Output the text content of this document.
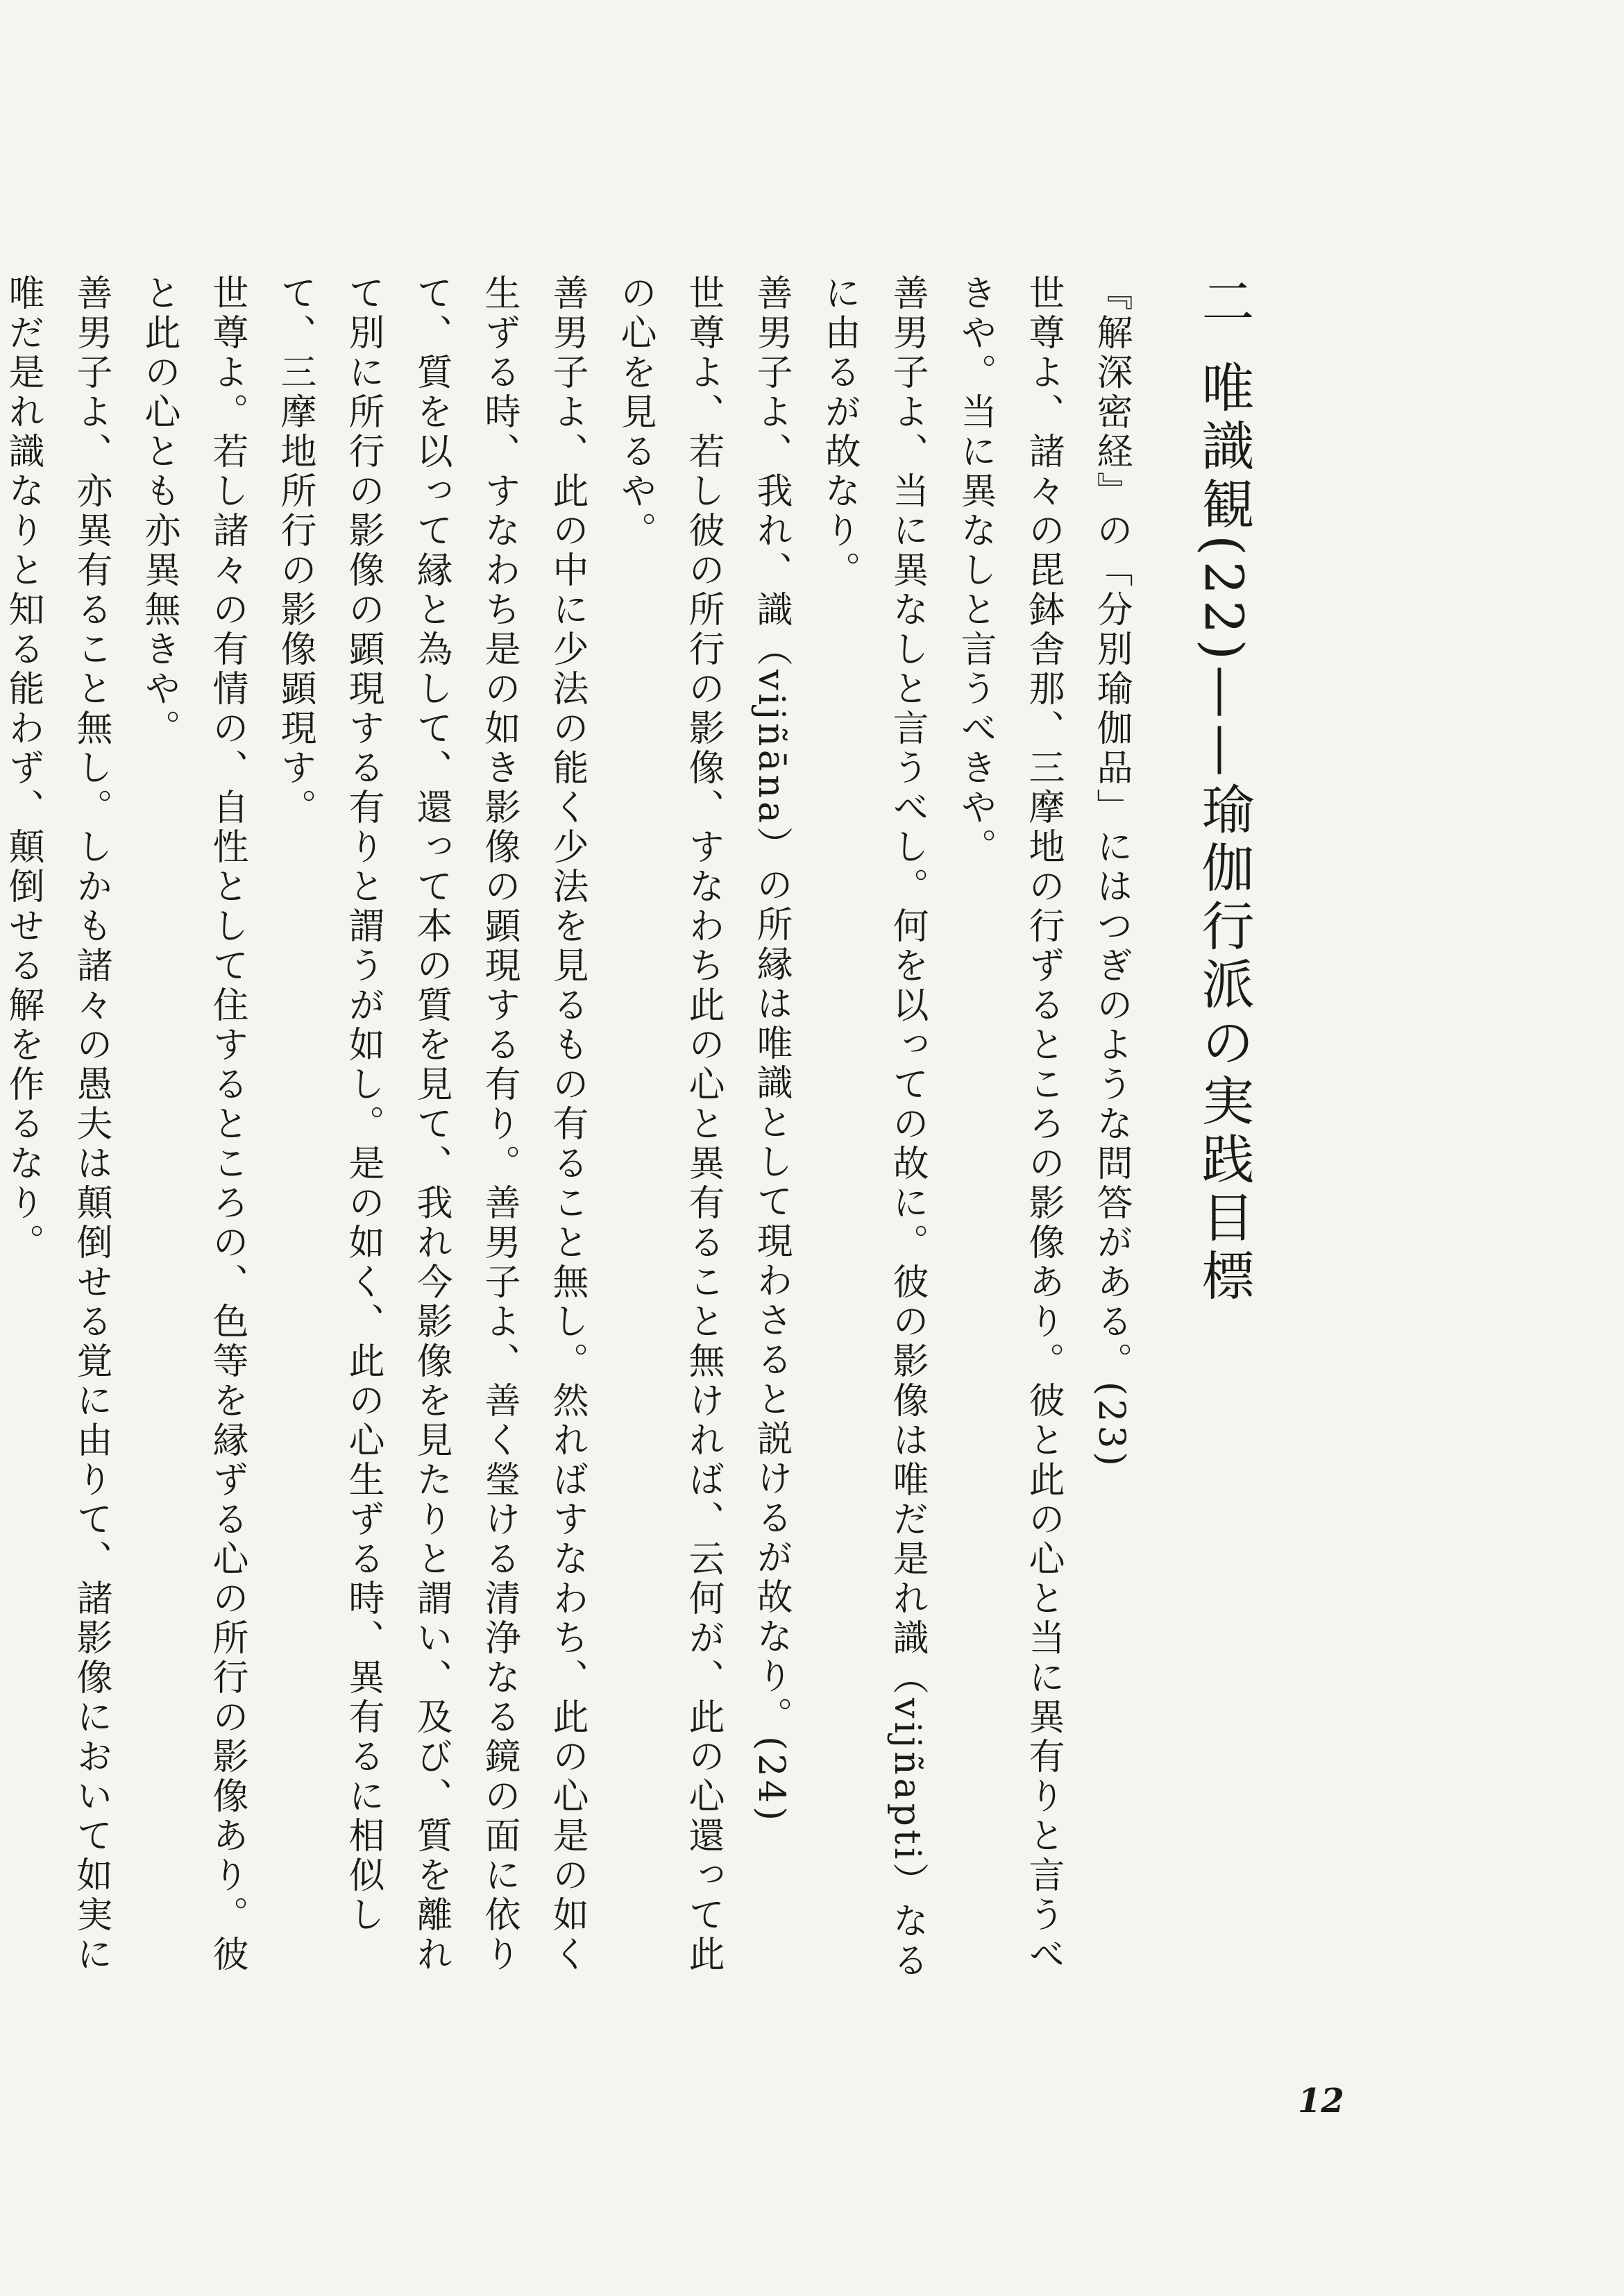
二唯識観(22)——瑜伽行派の実践目標

『解深密経』の「分別瑜伽品」にはつぎのような問答がある。(23)

世尊よ、諸々の毘鉢舎那、三摩地の行ずるところの影像あり。彼と此の心と当に異有りと言うべきや。当に異なしと言うべきや。

善男子よ、当に異なしと言うべし。何を以っての故に。彼の影像は唯だ是れ識（vijñapti）なるに由るが故なり。

善男子よ、我れ、識（vijñāna）の所縁は唯識として現わさると説けるが故なり。(24)

世尊よ、若し彼の所行の影像、すなわち此の心と異有ること無ければ、云何が、此の心還って此の心を見るや。

善男子よ、此の中に少法の能く少法を見るもの有ること無し。然ればすなわち、此の心是の如く生ずる時、すなわち是の如き影像の顕現する有り。善男子よ、善く瑩ける清浄なる鏡の面に依りて、質を以って縁と為して、還って本の質を見て、我れ今影像を見たりと謂い、及び、質を離れて別に所行の影像の顕現する有りと謂うが如し。是の如く、此の心生ずる時、異有るに相似して、三摩地所行の影像顕現す。

世尊よ。若し諸々の有情の、自性として住するところの、色等を縁ずる心の所行の影像あり。彼と此の心とも亦異無きや。

善男子よ、亦異有ること無し。しかも諸々の愚夫は顛倒せる覚に由りて、諸影像において如実に唯だ是れ識なりと知る能わず、顛倒せる解を作るなり。

12
